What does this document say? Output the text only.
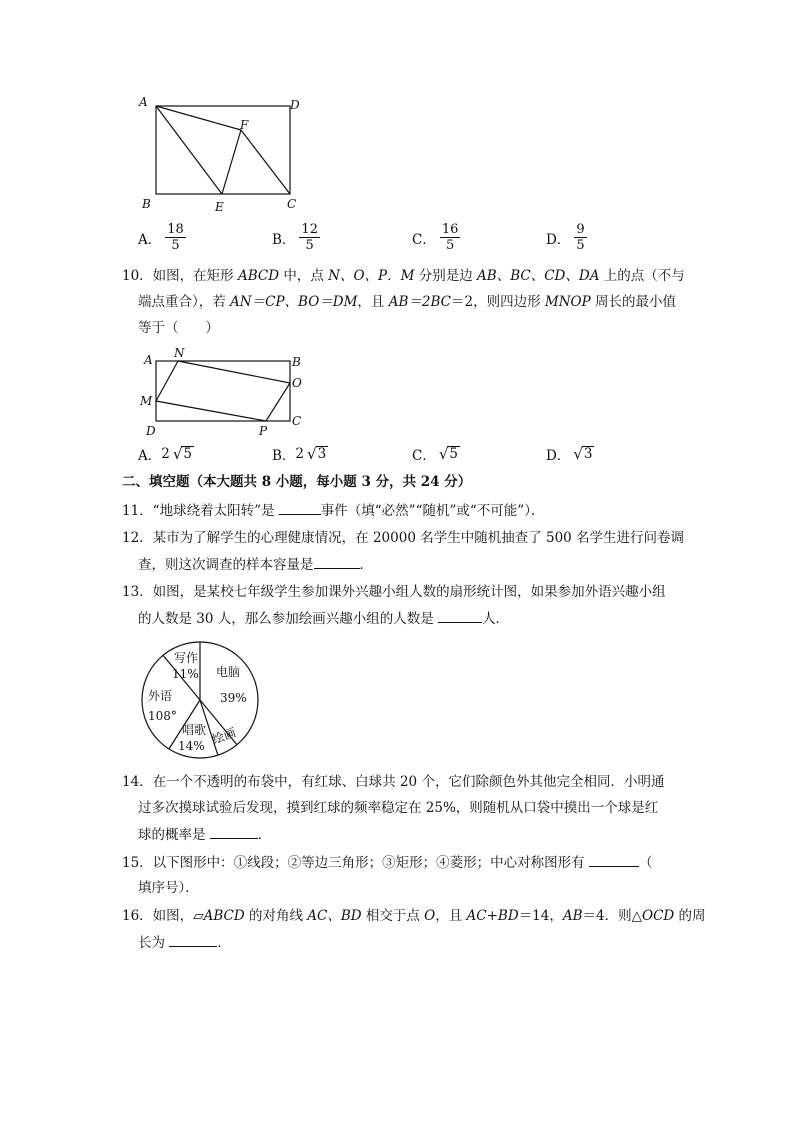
A	D
F
B	E	C
A． $\frac{18}{5}$	B． $\frac{12}{5}$	C． $\frac{16}{5}$	D． $\frac{9}{5}$
10．如图，在矩形 ABCD 中，点 N、O、P．M 分别是边 AB、BC、CD、DA 上的点（不与
端点重合），若 AN＝CP、BO＝DM，且 AB＝2BC＝2，则四边形 MNOP 周长的最小值
等于（　　）
A N
B
O
M
C
D	P
A． 2 √ 5	B． 2 √ 3	C． √ 5	D． √ 3
二、填空题（本大题共 8 小题，每小题 3 分，共 24 分）
11．“地球绕着太阳转”是	事件（填“必然”“随机”或“不可能”）．
12．某市为了解学生的心理健康情况，在 20000 名学生中随机抽查了 500 名学生进行问卷调
查，则这次调查的样本容量是	．
13．如图，是某校七年级学生参加课外兴趣小组人数的扇形统计图，如果参加外语兴趣小组
的人数是 30 人，那么参加绘画兴趣小组的人数是	人．
写作
11% 电脑
39%
外语
108°
唱歌
14% 绘画
14．在一个不透明的布袋中，有红球、白球共 20 个，它们除颜色外其他完全相同．小明通
过多次摸球试验后发现，摸到红球的频率稳定在 25%，则随机从口袋中摸出一个球是红
球的概率是	．
15．以下图形中：①线段；②等边三角形；③矩形；④菱形；中心对称图形有	（
填序号）．
16．如图，▱ABCD 的对角线 AC、BD 相交于点 O，且 AC+BD＝14，AB＝4．则△OCD 的周
长为	．
